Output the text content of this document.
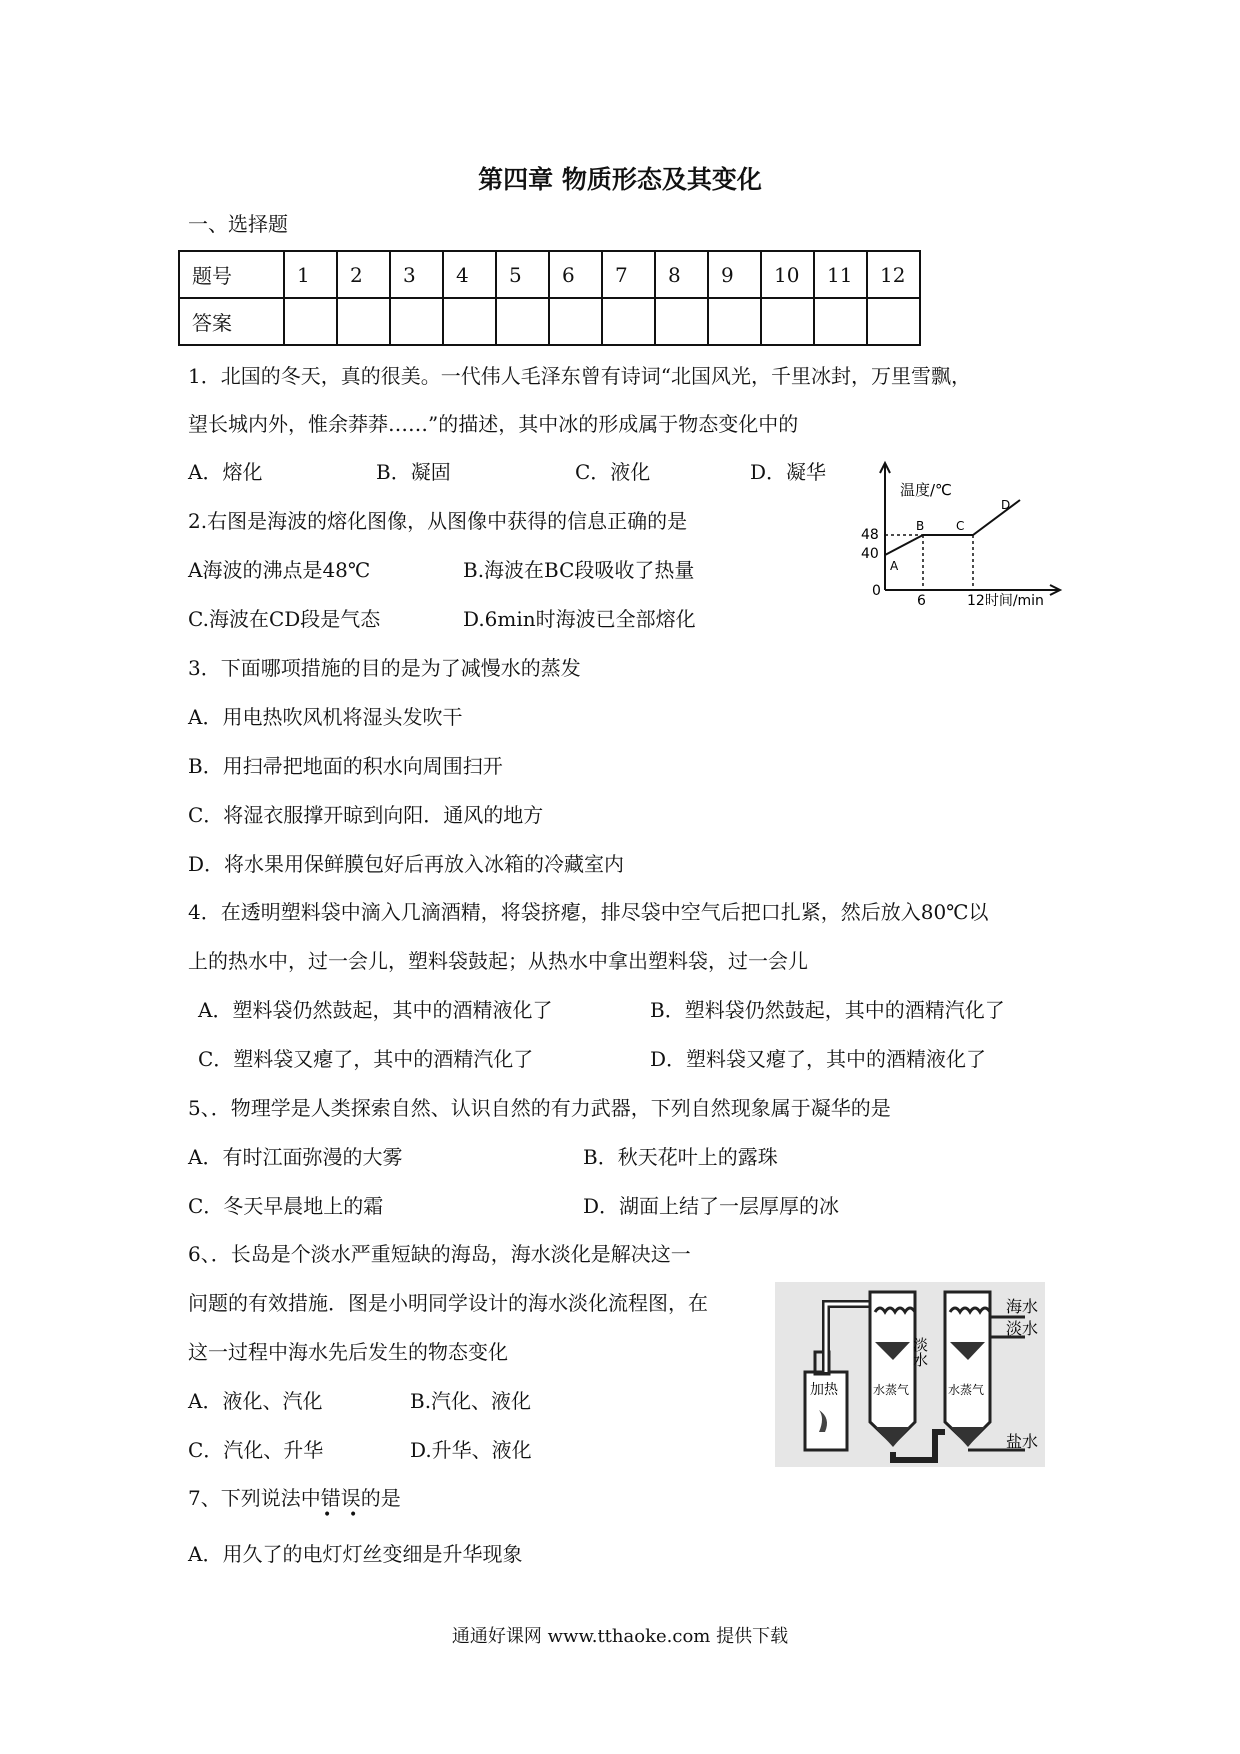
第四章 物质形态及其变化
一、选择题
题号	1	2	3	4	5	6	7	8	9	10	11	12
答案												
1．北国的冬天，真的很美。一代伟人毛泽东曾有诗词“北国风光，千里冰封，万里雪飘，
望长城内外，惟余莽莽……”的描述，其中冰的形成属于物态变化中的
A．熔化	B．凝固	C．液化	D．凝华
2.右图是海波的熔化图像，从图像中获得的信息正确的是
A海波的沸点是48℃	B.海波在BC段吸收了热量
C.海波在CD段是气态	D.6min时海波已全部熔化
温度/℃
48
40
0
6	12时间/min
A
B	C
D
3．下面哪项措施的目的是为了减慢水的蒸发
A．用电热吹风机将湿头发吹干
B．用扫帚把地面的积水向周围扫开
C．将湿衣服撑开晾到向阳．通风的地方
D．将水果用保鲜膜包好后再放入冰箱的冷藏室内
4．在透明塑料袋中滴入几滴酒精，将袋挤瘪，排尽袋中空气后把口扎紧，然后放入80℃以
上的热水中，过一会儿，塑料袋鼓起；从热水中拿出塑料袋，过一会儿
A．塑料袋仍然鼓起，其中的酒精液化了	B．塑料袋仍然鼓起，其中的酒精汽化了
C．塑料袋又瘪了，其中的酒精汽化了	D．塑料袋又瘪了，其中的酒精液化了
5、．物理学是人类探索自然、认识自然的有力武器，下列自然现象属于凝华的是
A．有时江面弥漫的大雾	B．秋天花叶上的露珠
C．冬天早晨地上的霜	D．湖面上结了一层厚厚的冰
6、．长岛是个淡水严重短缺的海岛，海水淡化是解决这一
问题的有效措施．图是小明同学设计的海水淡化流程图，在
这一过程中海水先后发生的物态变化
A．液化、汽化	B.汽化、液化
C．汽化、升华	D.升华、液化
海水
淡水
盐水
淡水
加热	水蒸气	水蒸气
7、下列说法中错误的是
•    •
A．用久了的电灯灯丝变细是升华现象
通通好课网 www.tthaoke.com 提供下载
